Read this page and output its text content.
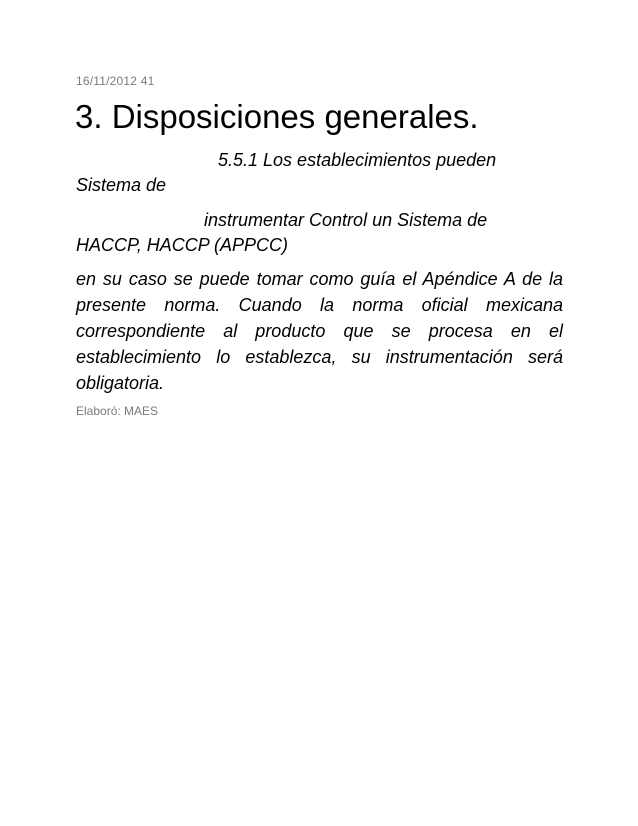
16/11/2012 41
3. Disposiciones generales.
5.5.1 Los establecimientos pueden
Sistema de
instrumentar Control un Sistema de
HACCP, HACCP (APPCC)

en su caso se puede tomar como guía el Apéndice A de la presente norma. Cuando la norma oficial mexicana correspondiente al producto que se procesa en el establecimiento lo establezca, su instrumentación será obligatoria.

Elaboró: MAES
